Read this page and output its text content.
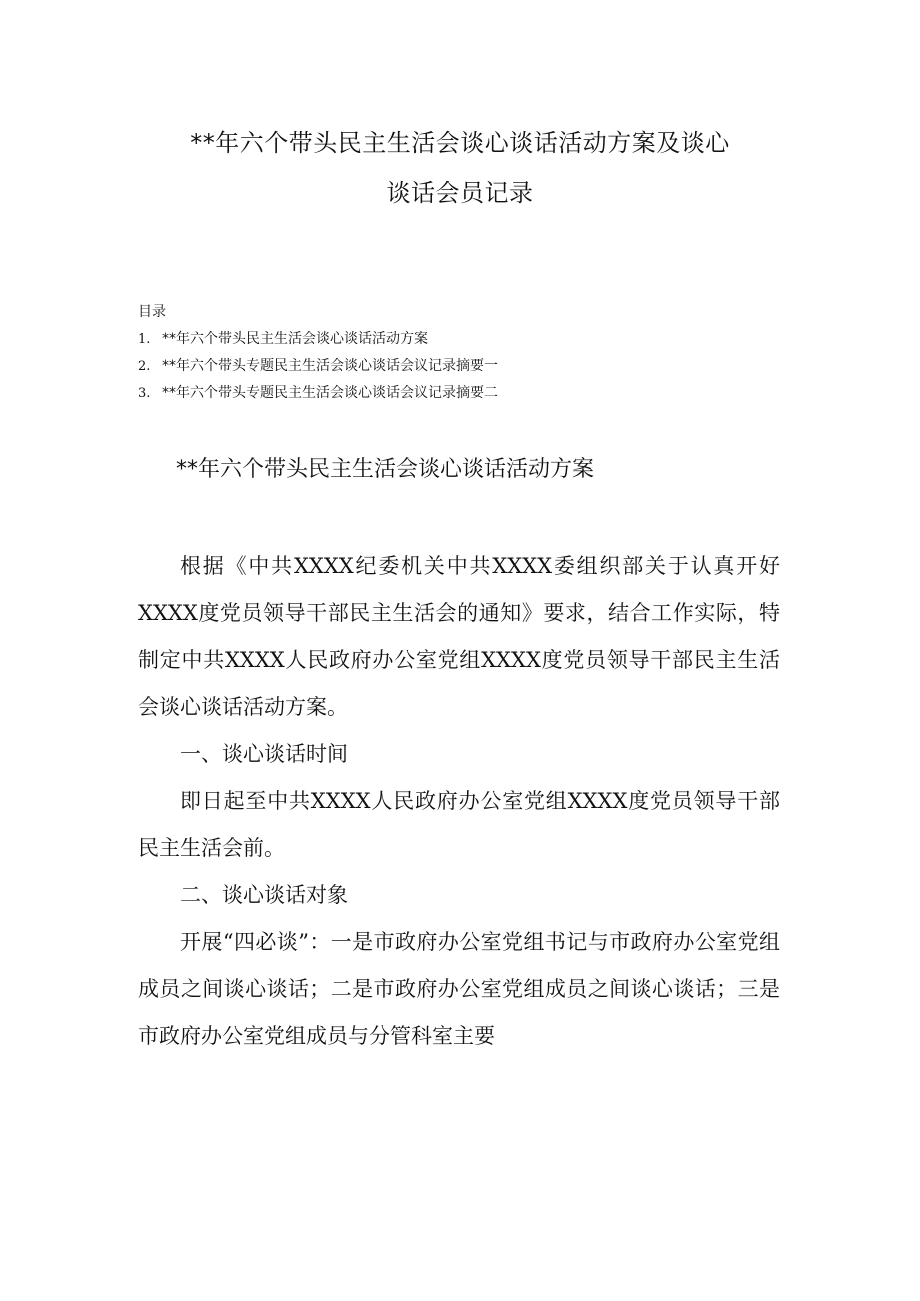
**年六个带头民主生活会谈心谈话活动方案及谈心
谈话会员记录
目录
1. **年六个带头民主生活会谈心谈话活动方案
2. **年六个带头专题民主生活会谈心谈话会议记录摘要一
3. **年六个带头专题民主生活会谈心谈话会议记录摘要二
**年六个带头民主生活会谈心谈话活动方案

根据《中共XXXX纪委机关中共XXXX委组织部关于认真开好XXXX度党员领导干部民主生活会的通知》要求，结合工作实际，特制定中共XXXX人民政府办公室党组XXXX度党员领导干部民主生活会谈心谈话活动方案。

一、谈心谈话时间

即日起至中共XXXX人民政府办公室党组XXXX度党员领导干部民主生活会前。

二、谈心谈话对象

开展“四必谈”：一是市政府办公室党组书记与市政府办公室党组成员之间谈心谈话；二是市政府办公室党组成员之间谈心谈话；三是市政府办公室党组成员与分管科室主要
